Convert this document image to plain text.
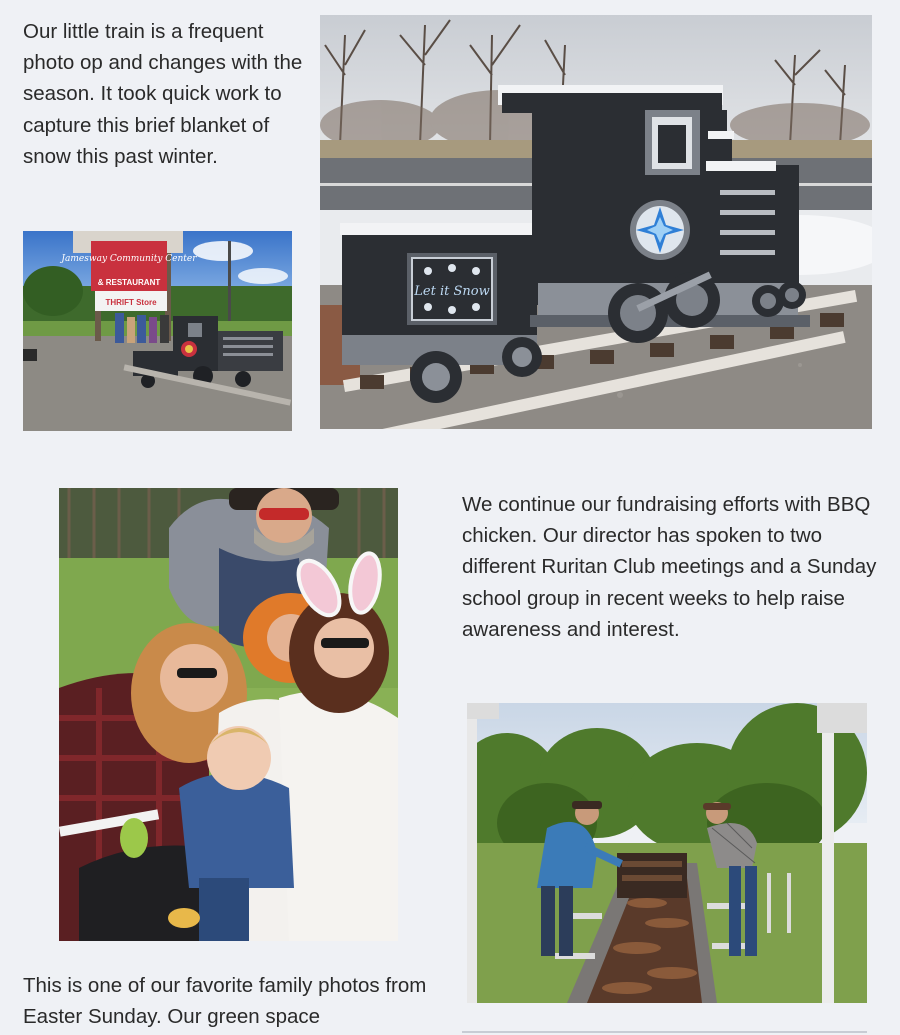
Our little train is a frequent photo op and changes with the season. It took quick work to capture this brief blanket of snow this past winter.

Jamesway Community Center
& RESTAURANT
THRIFT Store
Let it Snow

We continue our fundraising efforts with BBQ chicken. Our director has spoken to two different Ruritan Club meetings and a Sunday school group in recent weeks to help raise awareness and interest.

This is one of our favorite family photos from Easter Sunday. Our green space
